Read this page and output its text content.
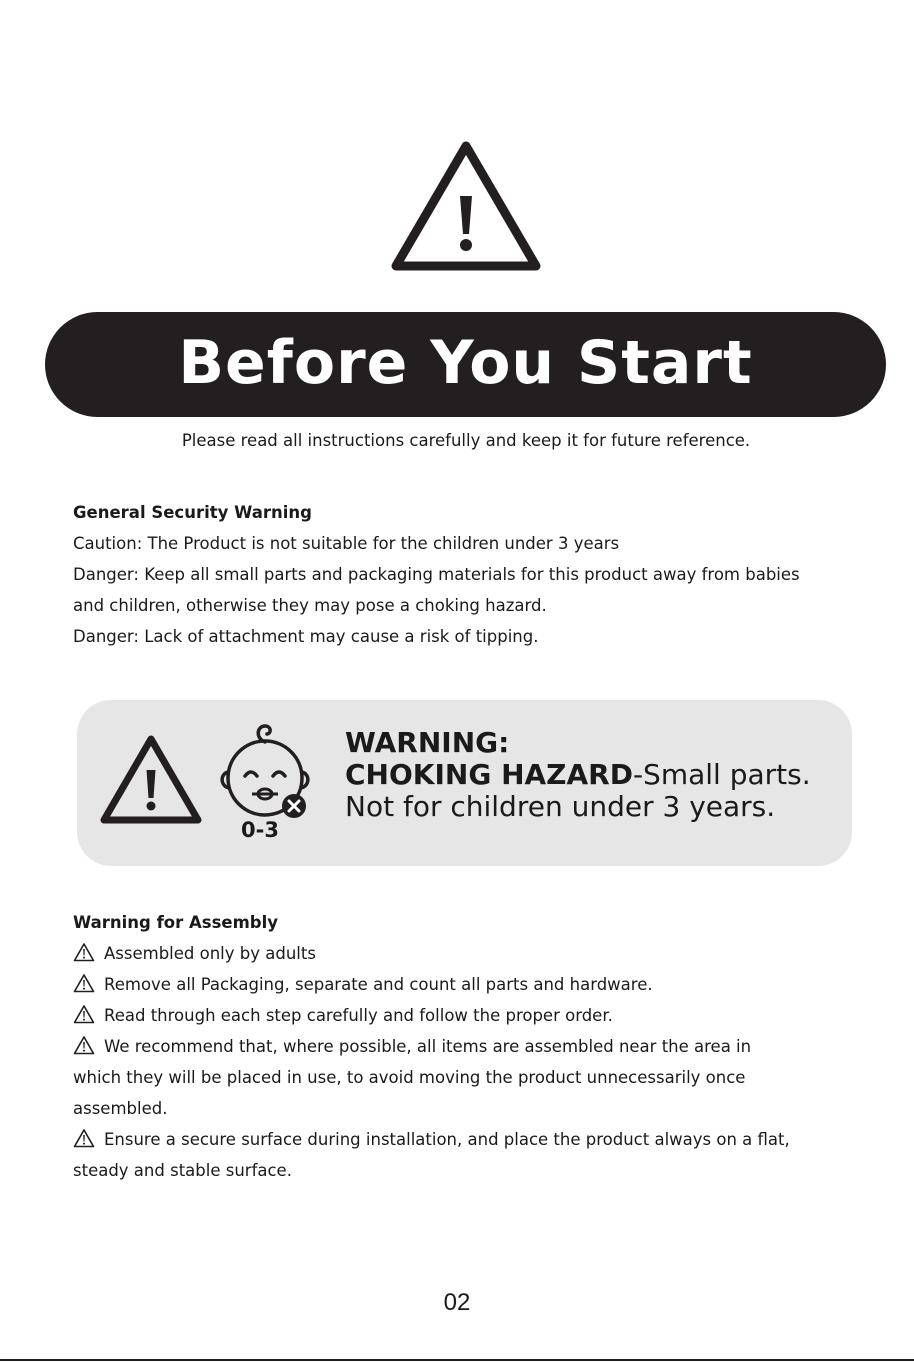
Before You Start
Please read all instructions carefully and keep it for future reference.
General Security Warning
Caution: The Product is not suitable for the children under 3 years
Danger: Keep all small parts and packaging materials for this product away from babies
and children, otherwise they may pose a choking hazard.
Danger: Lack of attachment may cause a risk of tipping.
0-3
WARNING:
CHOKING HAZARD-Small parts.
Not for children under 3 years.
Warning for Assembly
Assembled only by adults
Remove all Packaging, separate and count all parts and hardware.
Read through each step carefully and follow the proper order.
We recommend that, where possible, all items are assembled near the area in
which they will be placed in use, to avoid moving the product unnecessarily once
assembled.
Ensure a secure surface during installation, and place the product always on a flat,
steady and stable surface.
02
